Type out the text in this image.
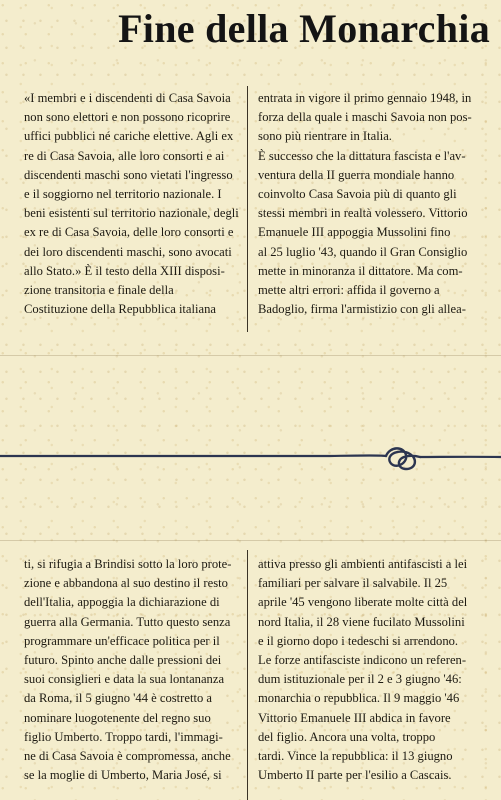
Fine della Monarchia
«I membri e i discendenti di Casa Savoia
non sono elettori e non possono ricoprire
uffici pubblici né cariche elettive. Agli ex
re di Casa Savoia, alle loro consorti e ai
discendenti maschi sono vietati l'ingresso
e il soggiorno nel territorio nazionale. I
beni esistenti sul territorio nazionale, degli
ex re di Casa Savoia, delle loro consorti e
dei loro discendenti maschi, sono avocati
allo Stato.» È il testo della XIII disposi-
zione transitoria e finale della
Costituzione della Repubblica italiana
entrata in vigore il primo gennaio 1948, in
forza della quale i maschi Savoia non pos-
sono più rientrare in Italia.
È successo che la dittatura fascista e l'av-
ventura della II guerra mondiale hanno
coinvolto Casa Savoia più di quanto gli
stessi membri in realtà volessero. Vittorio
Emanuele III appoggia Mussolini fino
al 25 luglio '43, quando il Gran Consiglio
mette in minoranza il dittatore. Ma com-
mette altri errori: affida il governo a
Badoglio, firma l'armistizio con gli allea-
ti, si rifugia a Brindisi sotto la loro protе-
zione e abbandona al suo destino il resto
dell'Italia, appoggia la dichiarazione di
guerra alla Germania. Tutto questo senza
programmare un'efficace politica per il
futuro. Spinto anche dalle pressioni dei
suoi consiglieri e data la sua lontananza
da Roma, il 5 giugno '44 è costretto a
nominare luogotenente del regno suo
figlio Umberto. Troppo tardi, l'immagi-
ne di Casa Savoia è compromessa, anche
se la moglie di Umberto, Maria José, si
attiva presso gli ambienti antifascisti a lei
familiari per salvare il salvabile. Il 25
aprile '45 vengono liberate molte città del
nord Italia, il 28 viene fucilato Mussolini
e il giorno dopo i tedeschi si arrendono.
Le forze antifasciste indicono un referen-
dum istituzionale per il 2 e 3 giugno '46:
monarchia o repubblica. Il 9 maggio '46
Vittorio Emanuele III abdica in favore
del figlio. Ancora una volta, troppo
tardi. Vince la repubblica: il 13 giugno
Umberto II parte per l'esilio a Cascais.
